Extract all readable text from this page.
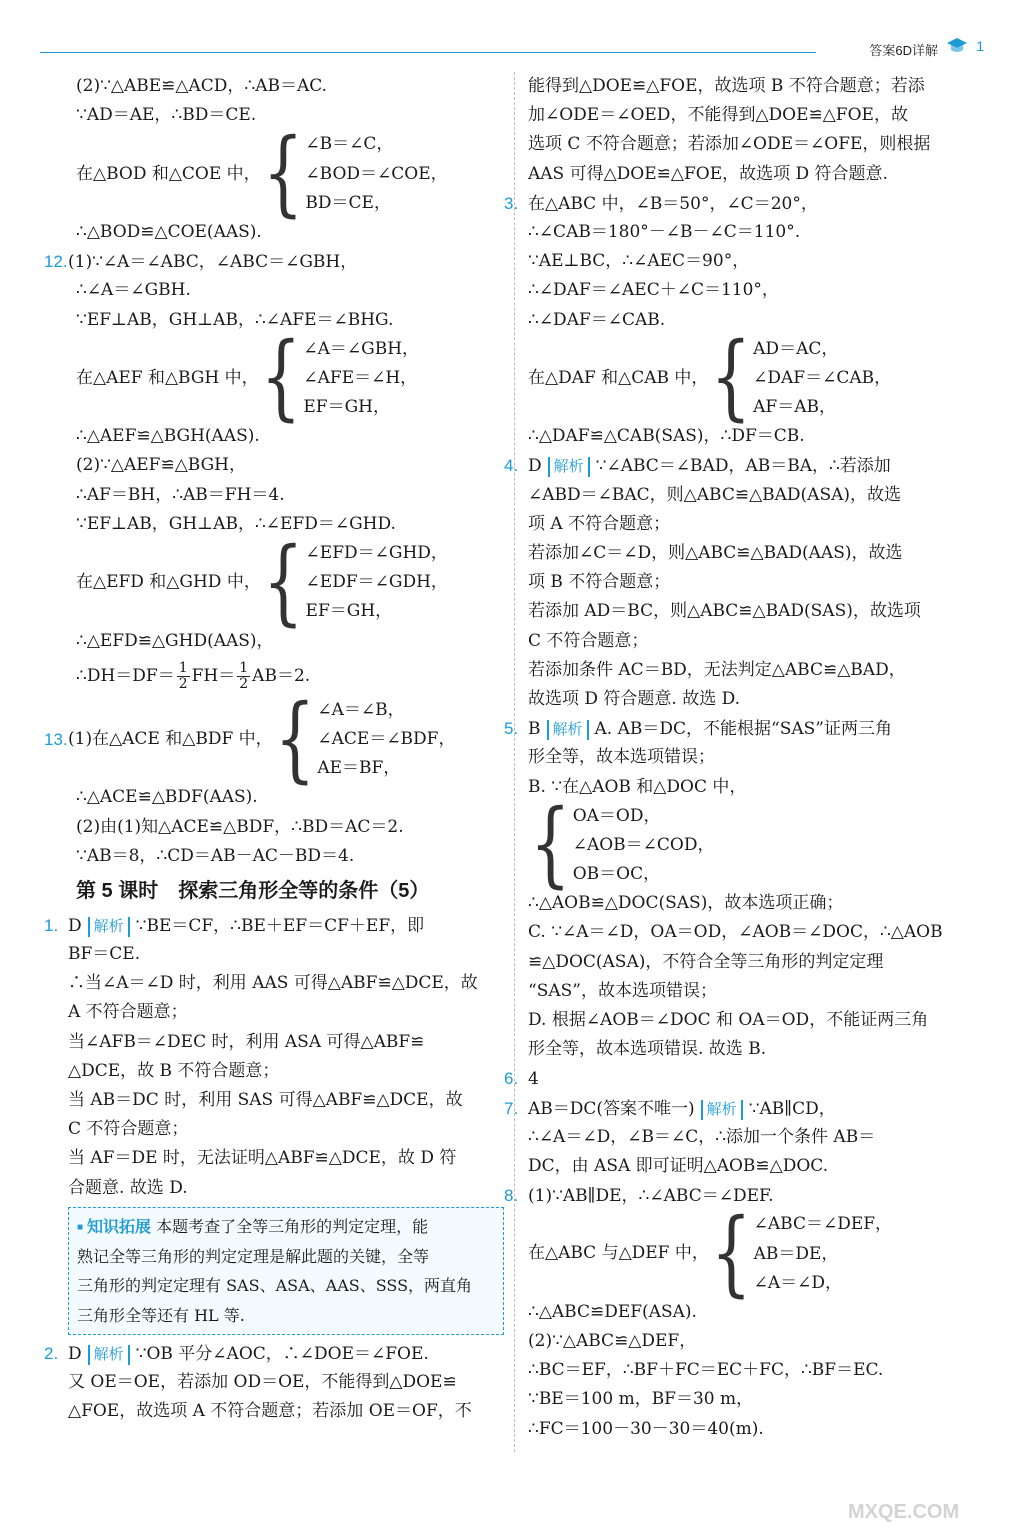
答案6D详解	1
(2)∵△ABE≌△ACD，∴AB＝AC.
∵AD＝AE，∴BD＝CE.
在△BOD 和△COE 中， { ∠B＝∠C，
∠BOD＝∠COE，
BD＝CE，
∴△BOD≌△COE(AAS).
12.(1)∵∠A＝∠ABC，∠ABC＝∠GBH，
∴∠A＝∠GBH.
∵EF⊥AB，GH⊥AB，∴∠AFE＝∠BHG.
在△AEF 和△BGH 中， { ∠A＝∠GBH，
∠AFE＝∠H，
EF＝GH，
∴△AEF≌△BGH(AAS).
(2)∵△AEF≌△BGH，
∴AF＝BH，∴AB＝FH＝4.
∵EF⊥AB，GH⊥AB，∴∠EFD＝∠GHD.
在△EFD 和△GHD 中， { ∠EFD＝∠GHD，
∠EDF＝∠GDH，
EF＝GH，
∴△EFD≌△GHD(AAS)，
∴DH＝DF＝ $\frac{1}{2} FH= \frac{1}{2} AB=2$.
13. (1)在△ACE 和△BDF 中， { ∠A＝∠B，
∠ACE＝∠BDF，
AE＝BF，
∴△ACE≌△BDF(AAS).
(2)由(1)知△ACE≌△BDF，∴BD＝AC＝2.
∵AB＝8，∴CD＝AB－AC－BD＝4.
第 5 课时　探索三角形全等的条件（5）
1. D 解析 ∵BE＝CF，∴BE＋EF＝CF＋EF，即
BF＝CE.
∴当∠A＝∠D 时，利用 AAS 可得△ABF≌△DCE，故
A 不符合题意；
当∠AFB＝∠DEC 时，利用 ASA 可得△ABF≌
△DCE，故 B 不符合题意；
当 AB＝DC 时，利用 SAS 可得△ABF≌△DCE，故
C 不符合题意；
当 AF＝DE 时，无法证明△ABF≌△DCE，故 D 符
合题意. 故选 D.
■ 知识拓展 本题考查了全等三角形的判定定理，能
熟记全等三角形的判定定理是解此题的关键，全等
三角形的判定定理有 SAS、ASA、AAS、SSS，两直角
三角形全等还有 HL 等.
2. D 解析 ∵OB 平分∠AOC，∴∠DOE＝∠FOE.
又 OE＝OE，若添加 OD＝OE，不能得到△DOE≌
△FOE，故选项 A 不符合题意；若添加 OE＝OF，不
能得到△DOE≌△FOE，故选项 B 不符合题意；若添
加∠ODE＝∠OED，不能得到△DOE≌△FOE，故
选项 C 不符合题意；若添加∠ODE＝∠OFE，则根据
AAS 可得△DOE≌△FOE，故选项 D 符合题意.
3. 在△ABC 中，∠B＝50°，∠C＝20°，
∴∠CAB＝180°－∠B－∠C＝110°.
∵AE⊥BC，∴∠AEC＝90°，
∴∠DAF＝∠AEC＋∠C＝110°，
∴∠DAF＝∠CAB.
在△DAF 和△CAB 中， { AD＝AC，
∠DAF＝∠CAB，
AF＝AB，
∴△DAF≌△CAB(SAS)，∴DF＝CB.
4. D 解析 ∵∠ABC＝∠BAD，AB＝BA，∴若添加
∠ABD＝∠BAC，则△ABC≌△BAD(ASA)，故选
项 A 不符合题意；
若添加∠C＝∠D，则△ABC≌△BAD(AAS)，故选
项 B 不符合题意；
若添加 AD＝BC，则△ABC≌△BAD(SAS)，故选项
C 不符合题意；
若添加条件 AC＝BD，无法判定△ABC≌△BAD，
故选项 D 符合题意. 故选 D.
5. B 解析 A. AB＝DC，不能根据“SAS”证两三角
形全等，故本选项错误；
B. ∵在△AOB 和△DOC 中，
{ OA＝OD，
∠AOB＝∠COD，
OB＝OC，
∴△AOB≌△DOC(SAS)，故本选项正确；
C. ∵∠A＝∠D，OA＝OD，∠AOB＝∠DOC，∴△AOB
≌△DOC(ASA)，不符合全等三角形的判定定理
“SAS”，故本选项错误；
D. 根据∠AOB＝∠DOC 和 OA＝OD，不能证两三角
形全等，故本选项错误. 故选 B.
6. 4
7. AB＝DC(答案不唯一) 解析 ∵AB∥CD，
∴∠A＝∠D，∠B＝∠C，∴添加一个条件 AB＝
DC，由 ASA 即可证明△AOB≌△DOC.
8. (1)∵AB∥DE，∴∠ABC＝∠DEF.
在△ABC 与△DEF 中， { ∠ABC＝∠DEF，
AB＝DE，
∠A＝∠D，
∴△ABC≌DEF(ASA).
(2)∵△ABC≌△DEF，
∴BC＝EF，∴BF＋FC＝EC＋FC，∴BF＝EC.
∵BE＝100 m，BF＝30 m，
∴FC＝100－30－30＝40(m).
MXQE.COM
